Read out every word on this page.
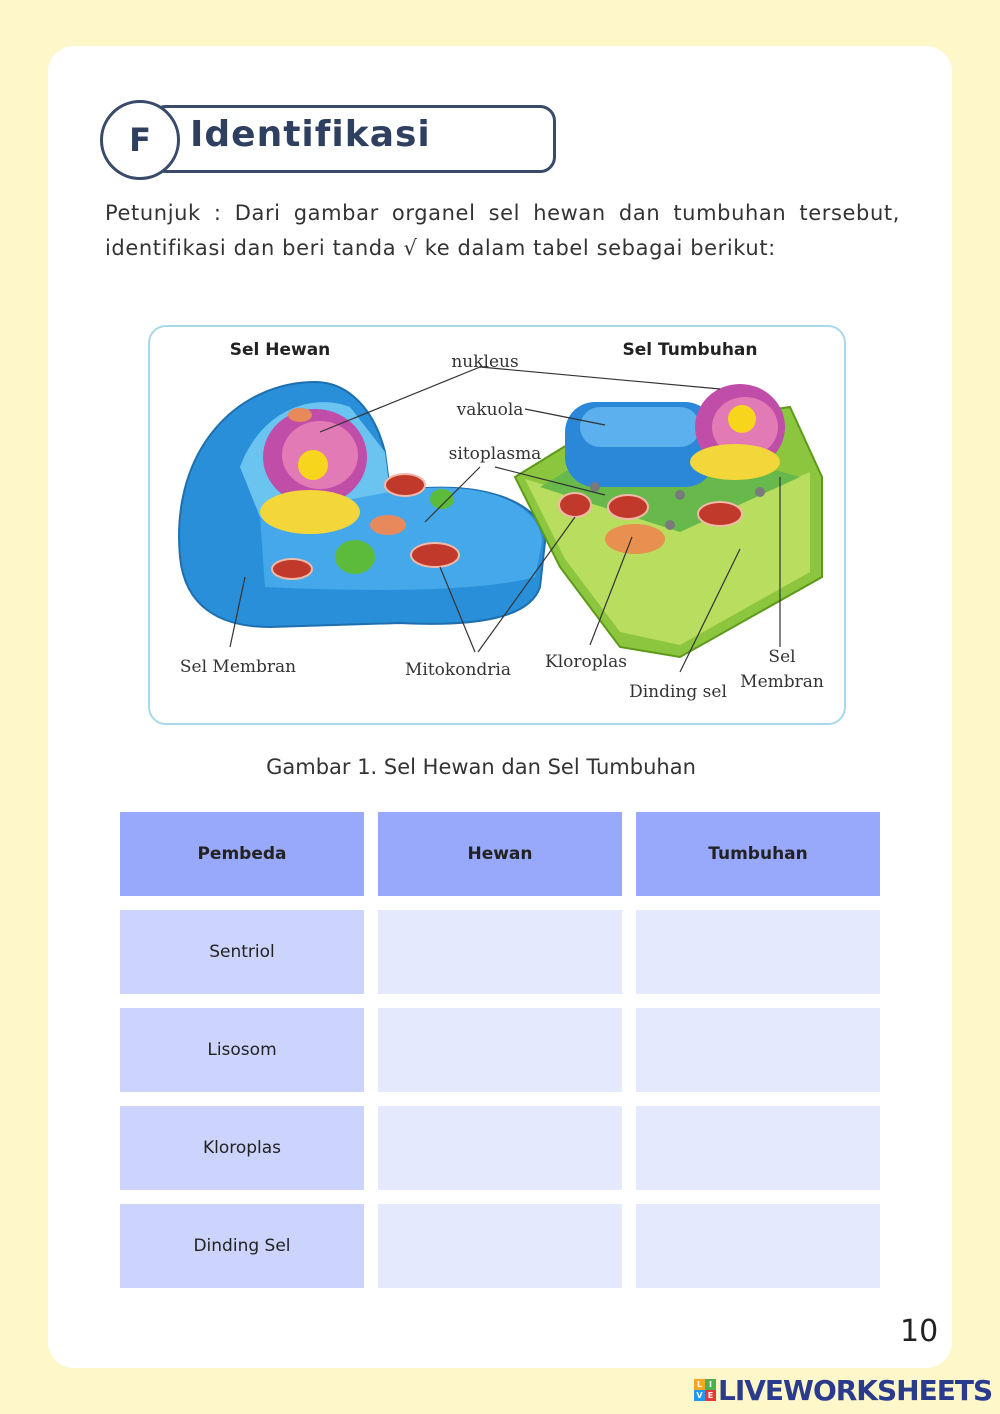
F	Identifikasi
Petunjuk : Dari gambar organel sel hewan dan tumbuhan tersebut, identifikasi dan beri tanda √ ke dalam tabel sebagai berikut:
Sel Hewan	Sel Tumbuhan
nukleus
vakuola
sitoplasma
Sel Membran	Mitokondria Kloroplas
Dinding sel
Sel
Membran
Gambar 1. Sel Hewan dan Sel Tumbuhan
Pembeda	Hewan	Tumbuhan
Sentriol
Lisosom
Kloroplas
Dinding Sel
10
L I
V E LIVEWORKSHEETS
